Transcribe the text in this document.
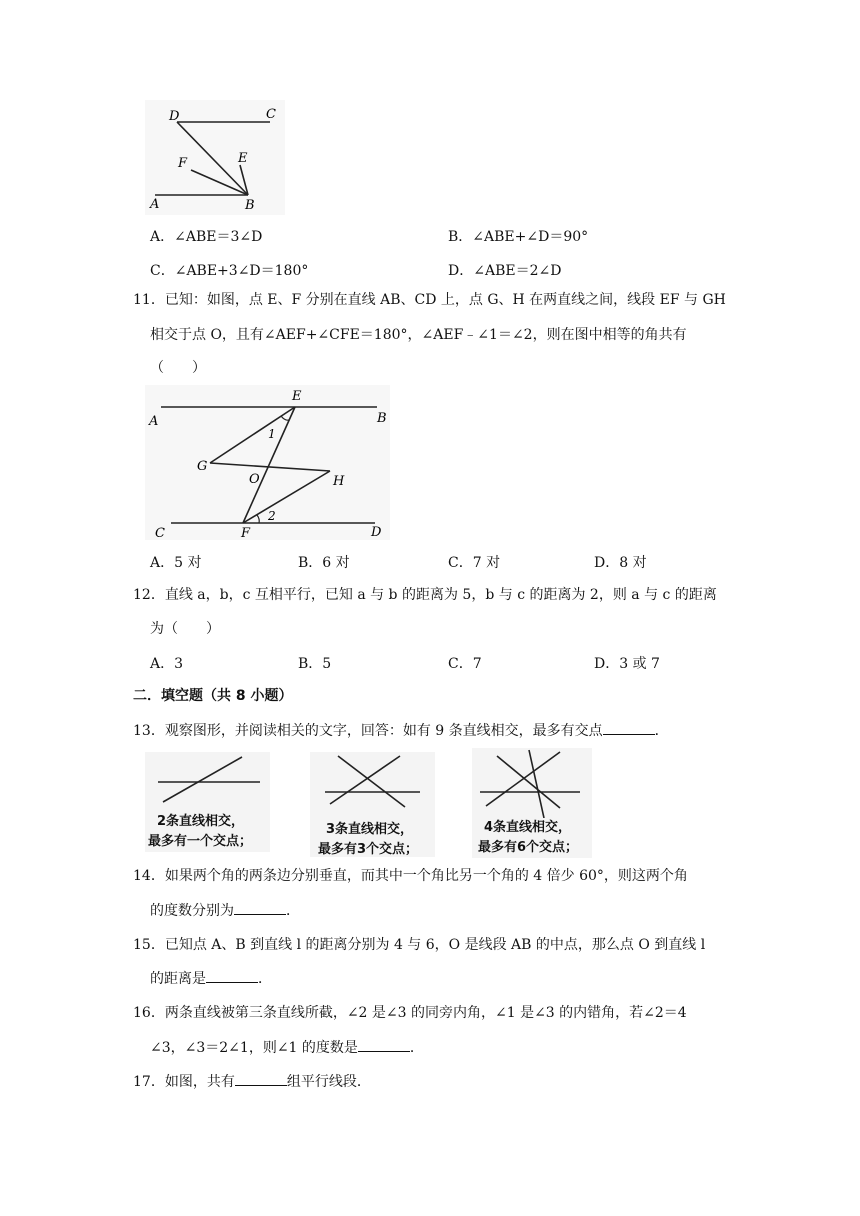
D	C
F	E
A	B
A．∠ABE＝3∠D	B．∠ABE+∠D＝90°
C．∠ABE+3∠D＝180°	D．∠ABE＝2∠D
11．已知：如图，点 E、F 分别在直线 AB、CD 上，点 G、H 在两直线之间，线段 EF 与 GH
相交于点 O，且有∠AEF+∠CFE＝180°，∠AEF﹣∠1＝∠2，则在图中相等的角共有
（　　）
A	B
E
1
G
O	H
C	F	D
2
A．5 对	B．6 对	C．7 对	D．8 对
12．直线 a，b，c 互相平行，已知 a 与 b 的距离为 5，b 与 c 的距离为 2，则 a 与 c 的距离
为（　　）
A．3	B．5	C．7	D．3 或 7
二．填空题（共 8 小题）
13．观察图形，并阅读相关的文字，回答：如有 9 条直线相交，最多有交点	．
2条直线相交，
最多有一个交点；
3条直线相交，
最多有3个交点；
4条直线相交，
最多有6个交点；
14．如果两个角的两条边分别垂直，而其中一个角比另一个角的 4 倍少 60°，则这两个角
的度数分别为	．
15．已知点 A、B 到直线 l 的距离分别为 4 与 6，O 是线段 AB 的中点，那么点 O 到直线 l
的距离是	．
16．两条直线被第三条直线所截，∠2 是∠3 的同旁内角，∠1 是∠3 的内错角，若∠2＝4
∠3，∠3＝2∠1，则∠1 的度数是	．
17．如图，共有	组平行线段．
